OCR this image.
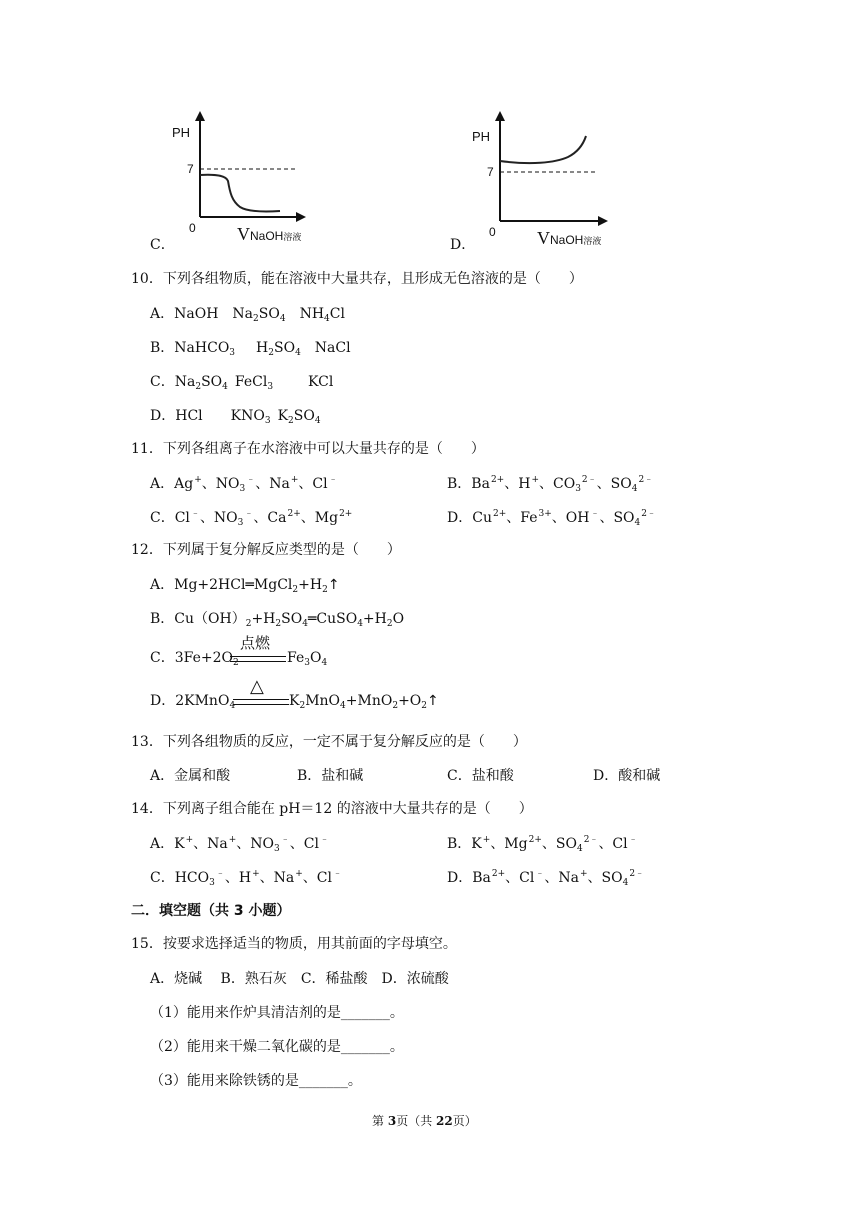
PH
7
0 VNaOH溶液
C．
PH
7
0 VNaOH溶液
D．
10．下列各组物质，能在溶液中大量共存，且形成无色溶液的是（　　）
A．NaOH  $Na_2SO_4$  $NH_4Cl$
B．NaHCO$_3$   $H_2SO_4$  NaCl
C．$Na_2SO_4$  FeCl$_3$   	KCl
D．HCl   $KNO_3$  $K_2SO_4$
11．下列各组离子在水溶液中可以大量共存的是（　　）
A．Ag+、$NO_3^﹣$、Na+、Cl﹣	B．$Ba^{2+}$、H+、$CO_3^{2﹣}$、$SO_4^{2﹣}$
C．Cl﹣、$NO_3^﹣$、$Ca^{2+}$、$Mg^{2+}$	D．$Cu^{2+}$、$Fe^{3+}$、OH﹣、$SO_4^{2﹣}$
12．下列属于复分解反应类型的是（　　）
A．$Mg+2HCl═MgCl_2+H_2↑$
B．$Cu(OH)_2+H_2SO_4═CuSO_4+H_2O$
C．$3Fe+2O_2$
点燃
$Fe_3O_4$
D．2KMnO$_4$
△
$K_2MnO_4+MnO_2+O_2↑$
13．下列各组物质的反应，一定不属于复分解反应的是（　　）
A．金属和酸	B．盐和碱	C．盐和酸	D．酸和碱
14．下列离子组合能在 pH＝12 的溶液中大量共存的是（　　）
A．K+、Na+、$NO_3^﹣$、Cl﹣	B．K+、$Mg^{2+}$、$SO_4^{2﹣}$、Cl﹣
C．$HCO_3^﹣$、H+、Na+、Cl﹣	D．$Ba^{2+}$、Cl﹣、Na+、$SO_4^{2﹣}$
二．填空题（共 3 小题）
15．按要求选择适当的物质，用其前面的字母填空。
A．烧碱　 B．熟石灰　C．稀盐酸　D．浓硫酸
（1）能用来作炉具清洁剂的是_______。
（2）能用来干燥二氧化碳的是_______。
（3）能用来除铁锈的是_______。
第 3页（共 22页）
